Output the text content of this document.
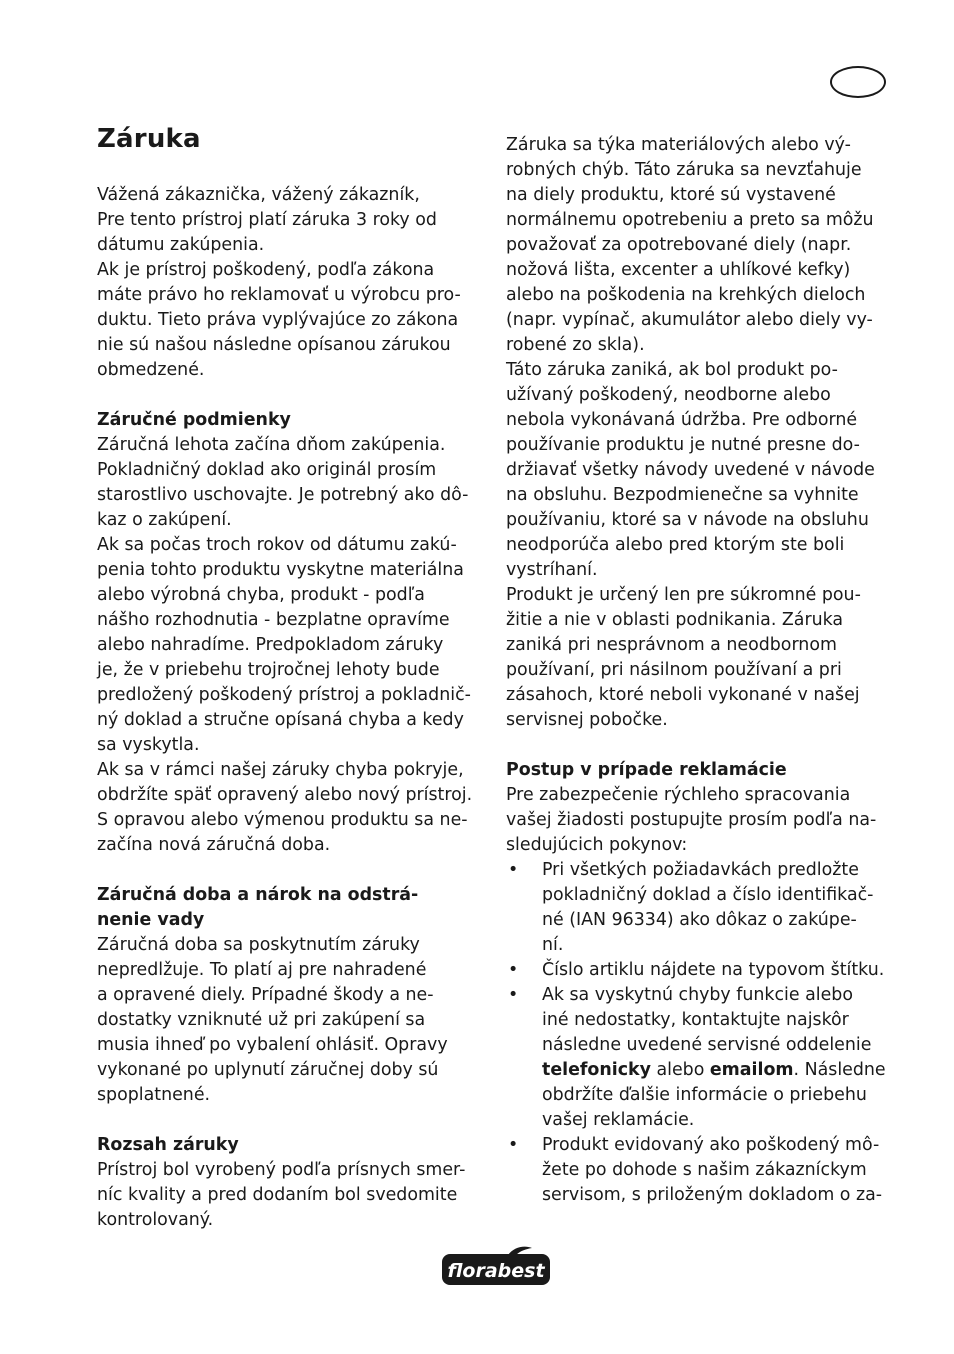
Záruka

Vážená zákaznička, vážený zákazník,
Pre tento prístroj platí záruka 3 roky od
dátumu zakúpenia.
Ak je prístroj poškodený, podľa zákona
máte právo ho reklamovať u výrobcu pro-
duktu. Tieto práva vyplývajúce zo zákona
nie sú našou následne opísanou zárukou
obmedzené.

Záručné podmienky

Záručná lehota začína dňom zakúpenia.
Pokladničný doklad ako originál prosím
starostlivo uschovajte. Je potrebný ako dô-
kaz o zakúpení.
Ak sa počas troch rokov od dátumu zakú-
penia tohto produktu vyskytne materiálna
alebo výrobná chyba, produkt - podľa
nášho rozhodnutia - bezplatne opravíme
alebo nahradíme. Predpokladom záruky
je, že v priebehu trojročnej lehoty bude
predložený poškodený prístroj a pokladnič-
ný doklad a stručne opísaná chyba a kedy
sa vyskytla.
Ak sa v rámci našej záruky chyba pokryje,
obdržíte späť opravený alebo nový prístroj.
S opravou alebo výmenou produktu sa ne-
začína nová záručná doba.

Záručná doba a nárok na odstrá-
nenie vady

Záručná doba sa poskytnutím záruky
nepredlžuje. To platí aj pre nahradené
a opravené diely. Prípadné škody a ne-
dostatky vzniknuté už pri zakúpení sa
musia ihneď po vybalení ohlásiť. Opravy
vykonané po uplynutí záručnej doby sú
spoplatnené.

Rozsah záruky

Prístroj bol vyrobený podľa prísnych smer-
níc kvality a pred dodaním bol svedomite
kontrolovaný.

Záruka sa týka materiálových alebo vý-
robných chýb. Táto záruka sa nevzťahuje
na diely produktu, ktoré sú vystavené
normálnemu opotrebeniu a preto sa môžu
považovať za opotrebované diely (napr.
nožová lišta, excenter a uhlíkové kefky)
alebo na poškodenia na krehkých dieloch
(napr. vypínač, akumulátor alebo diely vy-
robené zo skla).
Táto záruka zaniká, ak bol produkt po-
užívaný poškodený, neodborne alebo
nebola vykonávaná údržba. Pre odborné
používanie produktu je nutné presne do-
držiavať všetky návody uvedené v návode
na obsluhu. Bezpodmienečne sa vyhnite
používaniu, ktoré sa v návode na obsluhu
neodporúča alebo pred ktorým ste boli
vystríhaní.
Produkt je určený len pre súkromné pou-
žitie a nie v oblasti podnikania. Záruka
zaniká pri nesprávnom a neodbornom
používaní, pri násilnom používaní a pri
zásahoch, ktoré neboli vykonané v našej
servisnej pobočke.

Postup v prípade reklamácie

Pre zabezpečenie rýchleho spracovania
vašej žiadosti postupujte prosím podľa na-
sledujúcich pokynov:

• Pri všetkých požiadavkách predložte
pokladničný doklad a číslo identifikač-
né (IAN 96334) ako dôkaz o zakúpe-
ní.
• Číslo artiklu nájdete na typovom štítku.
• Ak sa vyskytnú chyby funkcie alebo
iné nedostatky, kontaktujte najskôr
následne uvedené servisné oddelenie
telefonicky alebo emailom. Následne
obdržíte ďalšie informácie o priebehu
vašej reklamácie.
• Produkt evidovaný ako poškodený mô-
žete po dohode s našim zákazníckym
servisom, s priloženým dokladom o za-
florabest
